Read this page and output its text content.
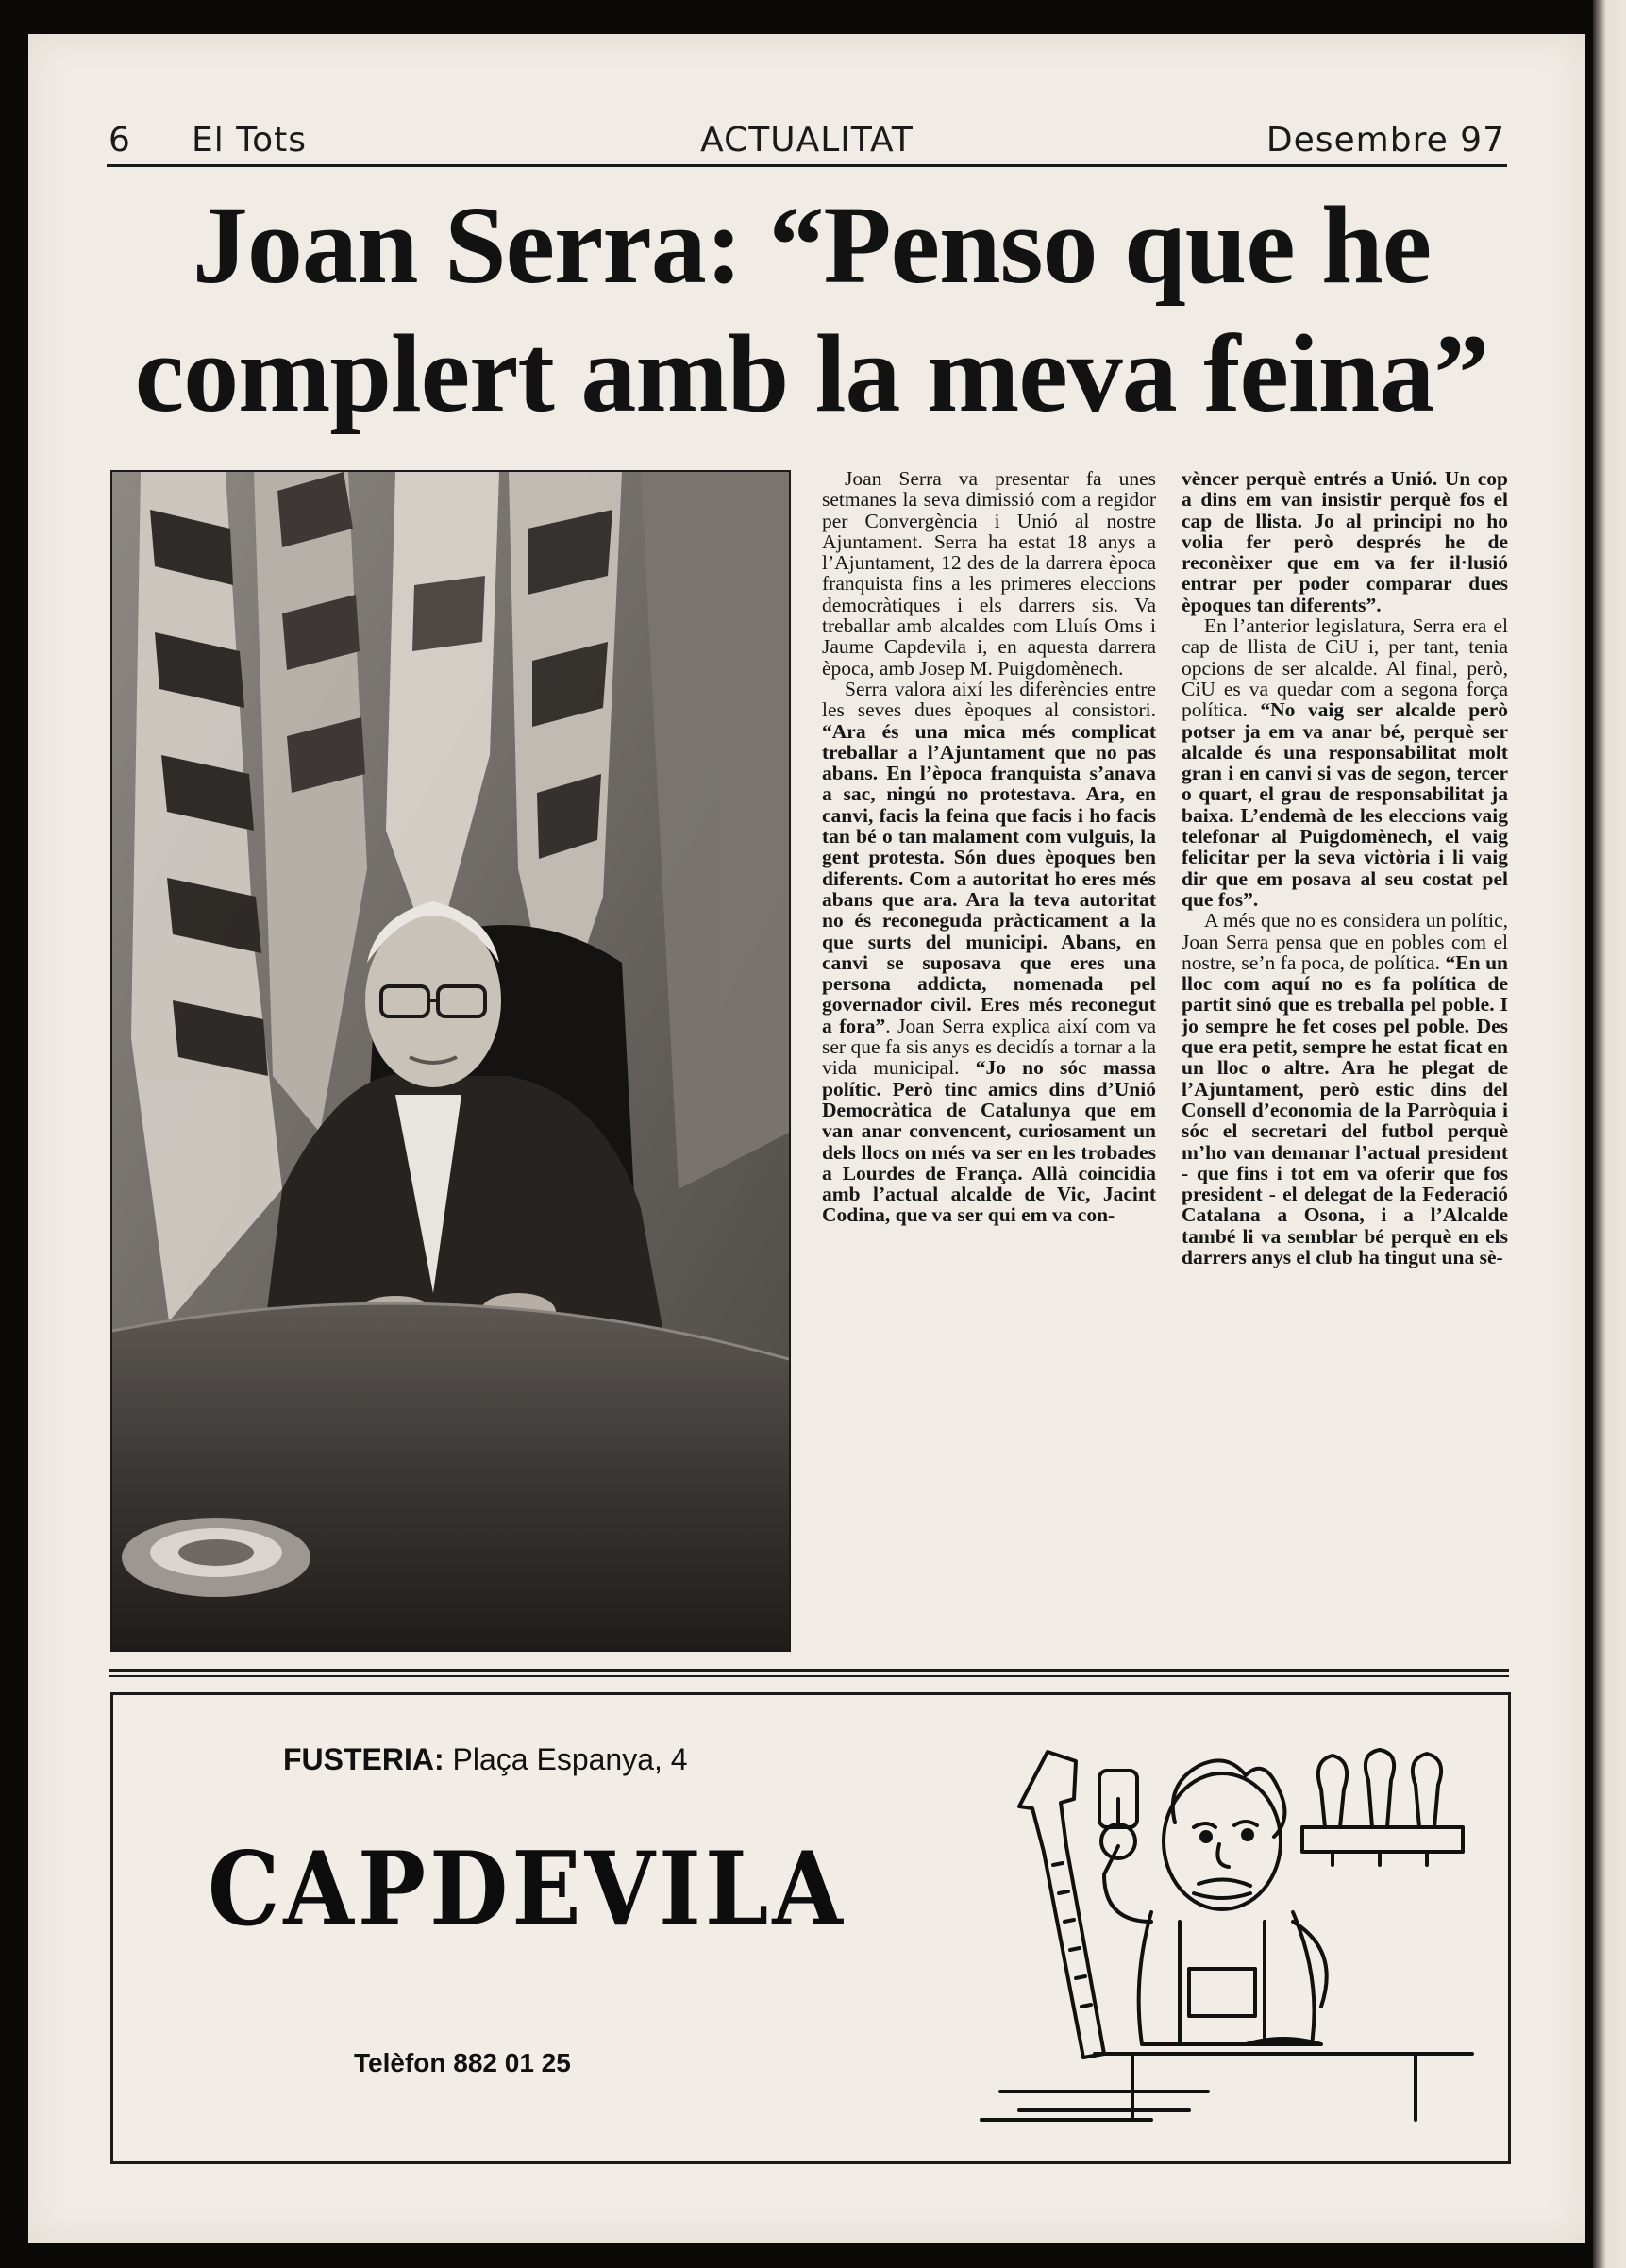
6 El Tots	ACTUALITAT	Desembre 97
Joan Serra: “Penso que he complert amb la meva feina”

Joan Serra va presentar fa unes setmanes la seva dimissió com a regidor per Convergència i Unió al nostre Ajuntament. Serra ha estat 18 anys a l’Ajuntament, 12 des de la darrera època franquista fins a les primeres eleccions democràtiques i els darrers sis. Va treballar amb alcaldes com Lluís Oms i Jaume Capdevila i, en aquesta darrera època, amb Josep M. Puigdomènech.

Serra valora així les diferències entre les seves dues èpoques al consistori. “Ara és una mica més complicat treballar a l’Ajuntament que no pas abans. En l’època franquista s’anava a sac, ningú no protestava. Ara, en canvi, facis la feina que facis i ho facis tan bé o tan malament com vulguis, la gent protesta. Són dues èpoques ben diferents. Com a autoritat ho eres més abans que ara. Ara la teva autoritat no és reconeguda pràcticament a la que surts del municipi. Abans, en canvi se suposava que eres una persona addicta, nomenada pel governador civil. Eres més reconegut a fora”. Joan Serra explica així com va ser que fa sis anys es decidís a tornar a la vida municipal. “Jo no sóc massa polític. Però tinc amics dins d’Unió Democràtica de Catalunya que em van anar convencent, curiosament un dels llocs on més va ser en les trobades a Lourdes de França. Allà coincidia amb l’actual alcalde de Vic, Jacint Codina, que va ser qui em va con-

vèncer perquè entrés a Unió. Un cop a dins em van insistir perquè fos el cap de llista. Jo al principi no ho volia fer però després he de reconèixer que em va fer il·lusió entrar per poder comparar dues èpoques tan diferents”.

En l’anterior legislatura, Serra era el cap de llista de CiU i, per tant, tenia opcions de ser alcalde. Al final, però, CiU es va quedar com a segona força política. “No vaig ser alcalde però potser ja em va anar bé, perquè ser alcalde és una responsabilitat molt gran i en canvi si vas de segon, tercer o quart, el grau de responsabilitat ja baixa. L’endemà de les eleccions vaig telefonar al Puigdomènech, el vaig felicitar per la seva victòria i li vaig dir que em posava al seu costat pel que fos”.

A més que no es considera un polític, Joan Serra pensa que en pobles com el nostre, se’n fa poca, de política. “En un lloc com aquí no es fa política de partit sinó que es treballa pel poble. I jo sempre he fet coses pel poble. Des que era petit, sempre he estat ficat en un lloc o altre. Ara he plegat de l’Ajuntament, però estic dins del Consell d’economia de la Parròquia i sóc el secretari del futbol perquè m’ho van demanar l’actual president - que fins i tot em va oferir que fos president - el delegat de la Federació Catalana a Osona, i a l’Alcalde també li va semblar bé perquè en els darrers anys el club ha tingut una sè-

FUSTERIA: Plaça Espanya, 4
CAPDEVILA
Telèfon 882 01 25
